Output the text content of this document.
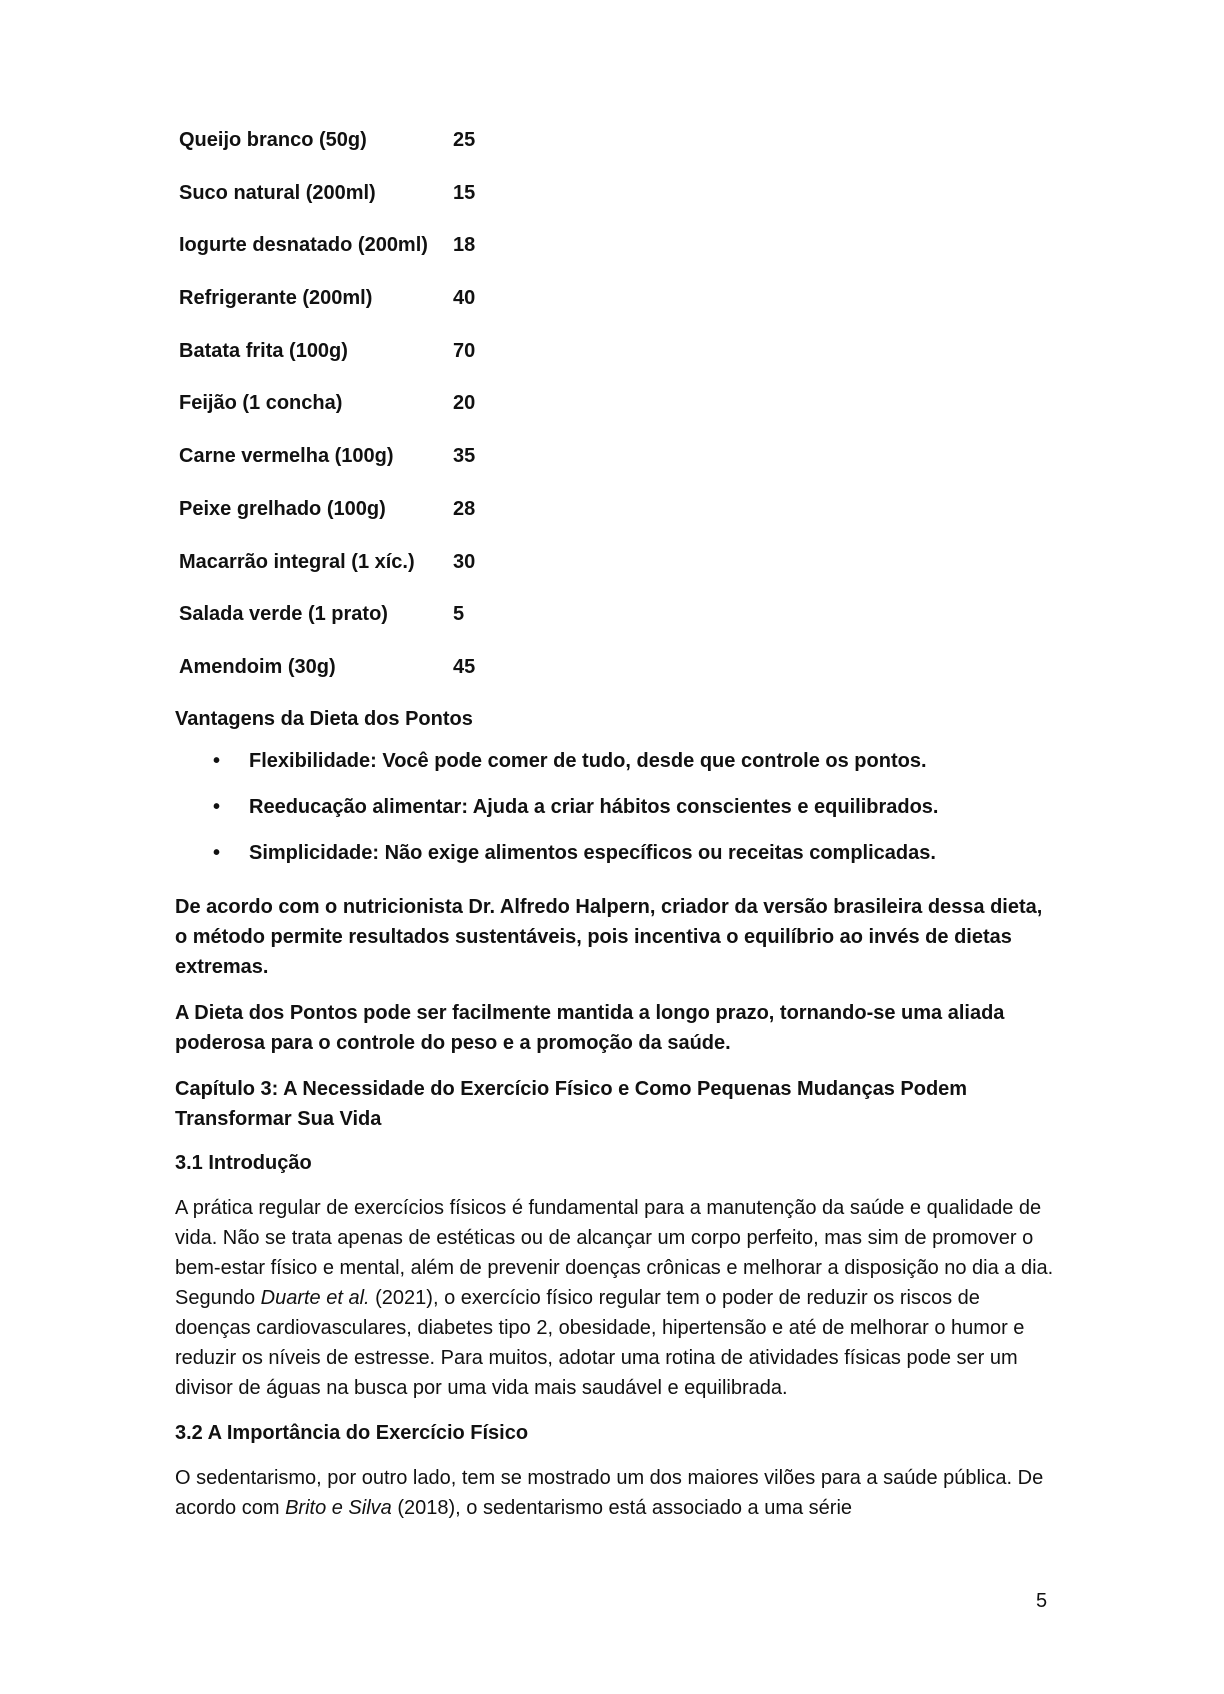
Queijo branco (50g)	25
Suco natural (200ml)	15
Iogurte desnatado (200ml)	18
Refrigerante (200ml)	40
Batata frita (100g)	70
Feijão (1 concha)	20
Carne vermelha (100g)	35
Peixe grelhado (100g)	28
Macarrão integral (1 xíc.)	30
Salada verde (1 prato)	5
Amendoim (30g)	45

Vantagens da Dieta dos Pontos

• Flexibilidade: Você pode comer de tudo, desde que controle os pontos.
• Reeducação alimentar: Ajuda a criar hábitos conscientes e equilibrados.
• Simplicidade: Não exige alimentos específicos ou receitas complicadas.

De acordo com o nutricionista Dr. Alfredo Halpern, criador da versão brasileira dessa dieta, o método permite resultados sustentáveis, pois incentiva o equilíbrio ao invés de dietas extremas.

A Dieta dos Pontos pode ser facilmente mantida a longo prazo, tornando-se uma aliada poderosa para o controle do peso e a promoção da saúde.

Capítulo 3: A Necessidade do Exercício Físico e Como Pequenas Mudanças Podem Transformar Sua Vida

3.1 Introdução

A prática regular de exercícios físicos é fundamental para a manutenção da saúde e qualidade de vida. Não se trata apenas de estéticas ou de alcançar um corpo perfeito, mas sim de promover o bem-estar físico e mental, além de prevenir doenças crônicas e melhorar a disposição no dia a dia. Segundo Duarte et al. (2021), o exercício físico regular tem o poder de reduzir os riscos de doenças cardiovasculares, diabetes tipo 2, obesidade, hipertensão e até de melhorar o humor e reduzir os níveis de estresse. Para muitos, adotar uma rotina de atividades físicas pode ser um divisor de águas na busca por uma vida mais saudável e equilibrada.

3.2 A Importância do Exercício Físico

O sedentarismo, por outro lado, tem se mostrado um dos maiores vilões para a saúde pública. De acordo com Brito e Silva (2018), o sedentarismo está associado a uma série

5
